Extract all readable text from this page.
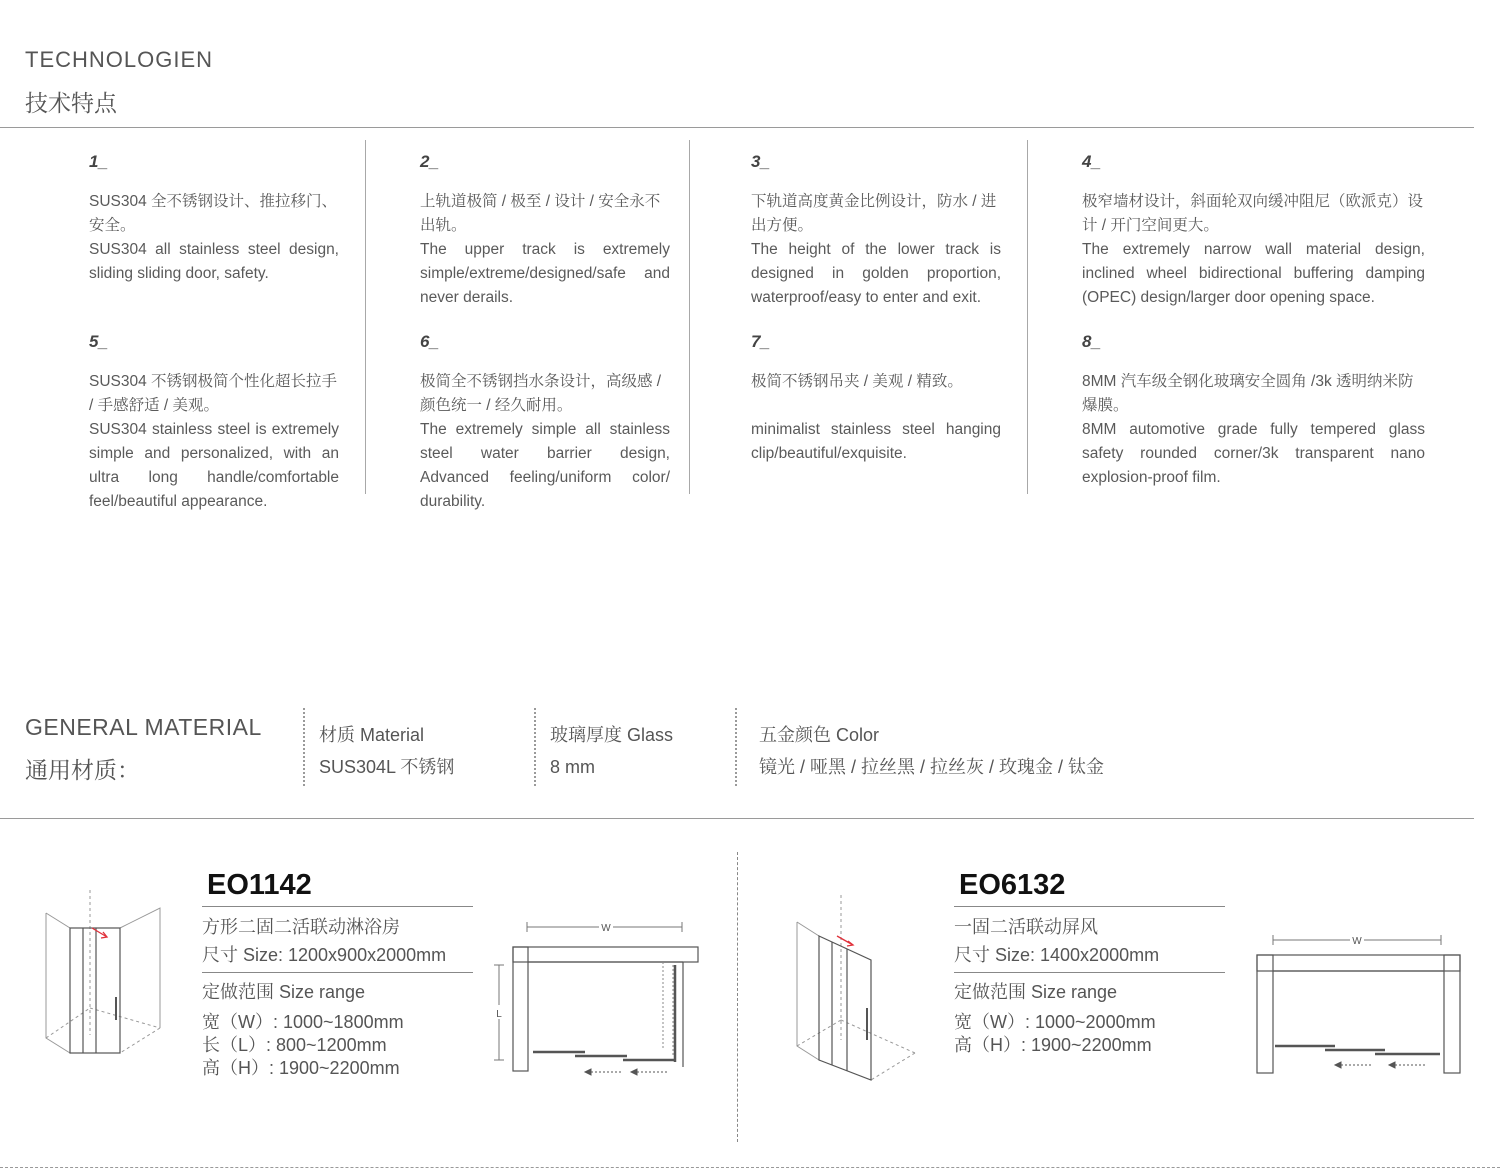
TECHNOLOGIEN
技术特点
1_
SUS304 全不锈钢设计、推拉移门、安全。
SUS304 all stainless steel design, sliding sliding door, safety.
2_
上轨道极简 / 极至 / 设计 / 安全永不出轨。
The upper track is extremely simple/extreme/designed/safe and never derails.
3_
下轨道高度黄金比例设计，防水 / 进出方便。
The height of the lower track is designed in golden proportion, waterproof/easy to enter and exit.
4_
极窄墙材设计，斜面轮双向缓冲阻尼（欧派克）设计 / 开门空间更大。
The extremely narrow wall material design, inclined wheel bidirectional buffering damping (OPEC) design/larger door opening space.
5_
SUS304 不锈钢极简个性化超长拉手 / 手感舒适 / 美观。
SUS304 stainless steel is extremely simple and personalized, with an ultra long handle/comfortable feel/beautiful appearance.
6_
极简全不锈钢挡水条设计，高级感 / 颜色统一 / 经久耐用。
The extremely simple all stainless steel water barrier design, Advanced feeling/uniform color/ durability.
7_
极简不锈钢吊夹 / 美观 / 精致。
minimalist stainless steel hanging clip/beautiful/exquisite.
8_
8MM 汽车级全钢化玻璃安全圆角 /3k 透明纳米防爆膜。
8MM automotive grade fully tempered glass safety rounded corner/3k transparent nano explosion-proof film.
GENERAL MATERIAL
通用材质：
材质 Material
SUS304L 不锈钢
玻璃厚度 Glass
8 mm
五金颜色 Color
镜光 / 哑黑 / 拉丝黑 / 拉丝灰 / 玫瑰金 / 钛金
EO1142
方形二固二活联动淋浴房
尺寸 Size: 1200x900x2000mm
定做范围 Size range
宽（W）: 1000~1800mm
长（L）: 800~1200mm
高（H）: 1900~2200mm
W
L
EO6132
一固二活联动屏风
尺寸 Size: 1400x2000mm
定做范围 Size range
宽（W）: 1000~2000mm
高（H）: 1900~2200mm
W
